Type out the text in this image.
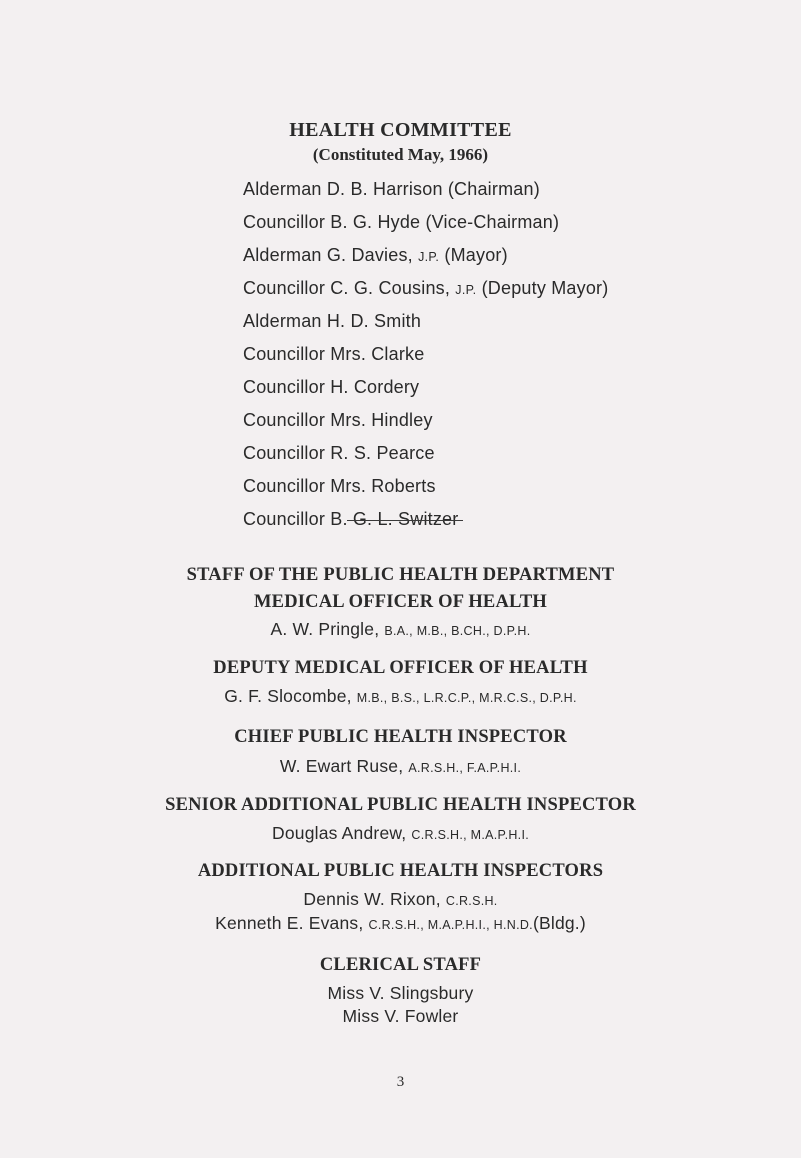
HEALTH COMMITTEE
(Constituted May, 1966)
Alderman D. B. Harrison (Chairman)
Councillor B. G. Hyde (Vice-Chairman)
Alderman G. Davies, J.P. (Mayor)
Councillor C. G. Cousins, J.P. (Deputy Mayor)
Alderman H. D. Smith
Councillor Mrs. Clarke
Councillor H. Cordery
Councillor Mrs. Hindley
Councillor R. S. Pearce
Councillor Mrs. Roberts
Councillor B. G. L. Switzer
STAFF OF THE PUBLIC HEALTH DEPARTMENT
MEDICAL OFFICER OF HEALTH
A. W. Pringle, B.A., M.B., B.CH., D.P.H.
DEPUTY MEDICAL OFFICER OF HEALTH
G. F. Slocombe, M.B., B.S., L.R.C.P., M.R.C.S., D.P.H.
CHIEF PUBLIC HEALTH INSPECTOR
W. Ewart Ruse, A.R.S.H., F.A.P.H.I.
SENIOR ADDITIONAL PUBLIC HEALTH INSPECTOR
Douglas Andrew, C.R.S.H., M.A.P.H.I.
ADDITIONAL PUBLIC HEALTH INSPECTORS
Dennis W. Rixon, C.R.S.H.
Kenneth E. Evans, C.R.S.H., M.A.P.H.I., H.N.D.(Bldg.)
CLERICAL STAFF
Miss V. Slingsbury
Miss V. Fowler
3
